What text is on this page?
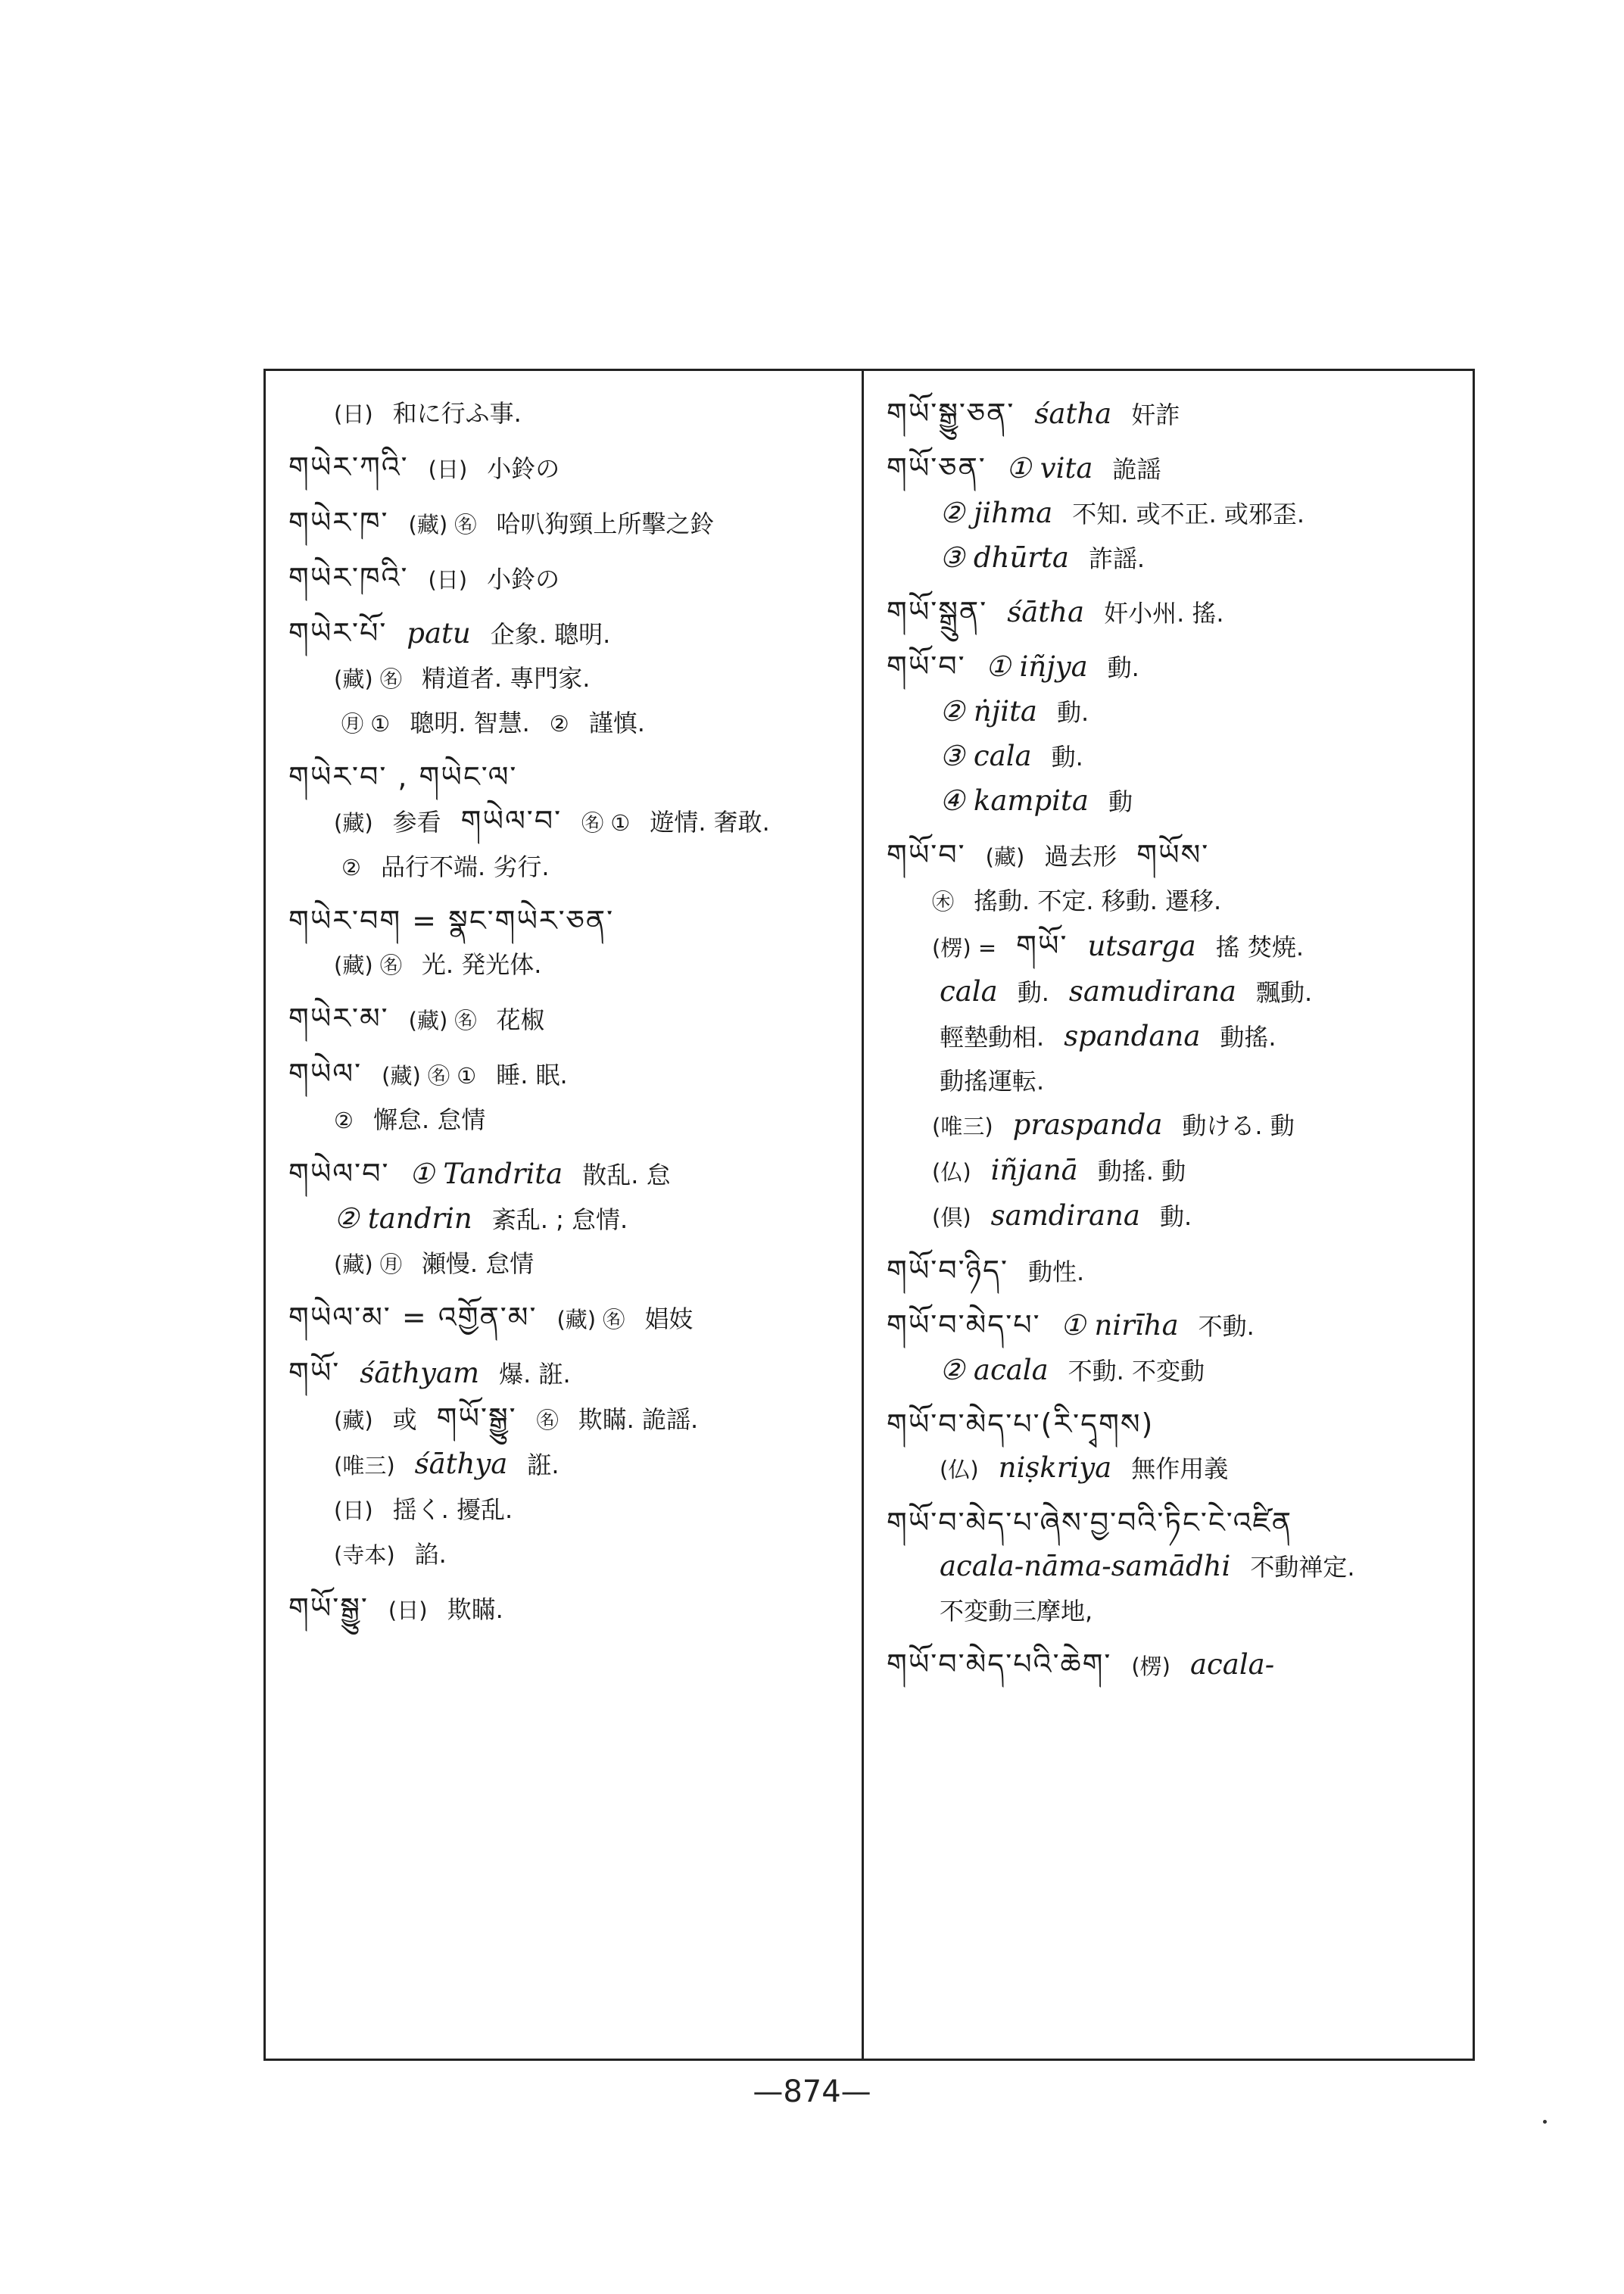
(日) 和に行ふ事.
གཡེར་ཀའི་ (日) 小鈴の
གཡེར་ཁ་ (藏) ㊔ 哈叭狗頸上所擊之鈴
གཡེར་ཁའི་ (日) 小鈴の
གཡེར་པོ་ patu 企象. 聰明.
(藏) ㊔ 精道者. 專門家.
㊊ ① 聰明. 智慧. ② 謹慎.
གཡེར་བ་ , གཡེང་ལ་
(藏) 参看 གཡེལ་བ་ ㊔ ① 遊情. 奢敢.
② 品行不端. 劣行.
གཡེར་བག = སྣང་གཡེར་ཅན་
(藏) ㊔ 光. 発光体.
གཡེར་མ་ (藏) ㊔ 花椒
གཡེལ་ (藏) ㊔ ① 睡. 眠.
② 懈怠. 怠情
གཡེལ་བ་ ① Tandrita 散乱. 怠
② tandrin 紊乱. ; 怠情.
(藏) ㊊ 瀬慢. 怠情
གཡེལ་མ་ = འགྱོན་མ་ (藏) ㊔ 娼妓
གཡོ་ śāthyam 爆. 誑.
(藏) 或 གཡོ་སྒྱུ་ ㊔ 欺瞞. 詭謡.
(唯三) śāthya 誑.
(日) 揺く. 擾乱.
(寺本) 諂.
གཡོ་སྒྱུ་ (日) 欺瞞.
གཡོ་སྒྱུ་ཅན་ śatha 奸詐
གཡོ་ཅན་ ① vita 詭謡
② jihma 不知. 或不正. 或邪歪.
③ dhūrta 詐謡.
གཡོ་སྒྲུན་ śātha 奸小州. 搖.
གཡོ་བ་ ① iñjya 動.
② ṅjita 動.
③ cala 動.
④ kampita 動
གཡོ་བ་ (藏) 過去形 གཡོས་
㊍ 搖動. 不定. 移動. 遷移.
(楞) = གཡོ་ utsarga 搖 焚焼.
cala 動. samudirana 飄動.
輕墊動相. spandana 動搖.
動搖運転.
(唯三) praspanda 動ける. 動
(仏) iñjanā 動搖. 動
(倶) samdirana 動.
གཡོ་བ་ཉིད་ 動性.
གཡོ་བ་མེད་པ་ ① nirīha 不動.
② acala 不動. 不変動
གཡོ་བ་མེད་པ་(རི་དྭགས)
(仏) niṣkriya 無作用義
གཡོ་བ་མེད་པ་ཞེས་བྱ་བའི་ཏིང་ངེ་འཛིན
acala-nāma-samādhi 不動禅定.
不変動三摩地,
གཡོ་བ་མེད་པའི་ཆེག་ (楞) acala-
—874—
